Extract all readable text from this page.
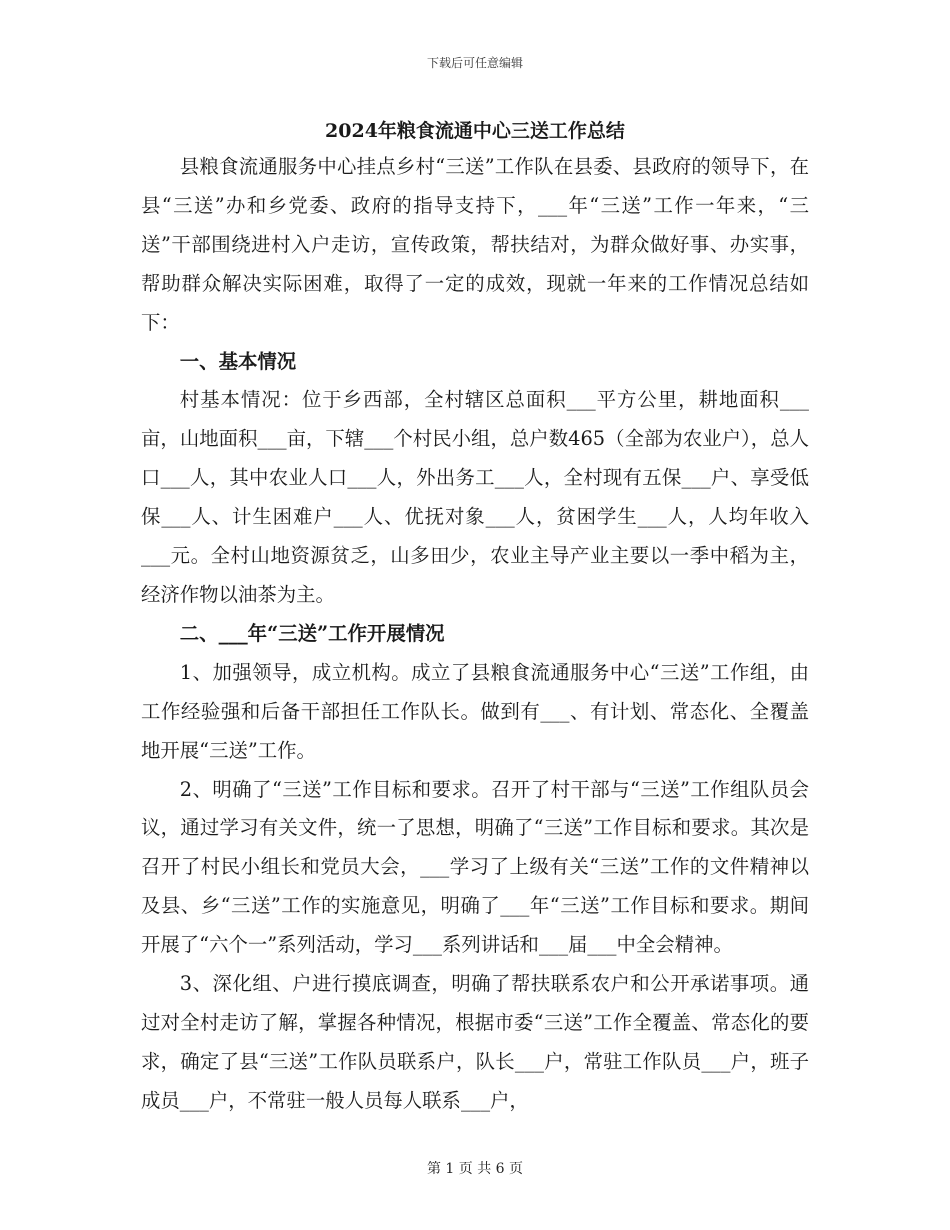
下载后可任意编辑
2024年粮食流通中心三送工作总结

县粮食流通服务中心挂点乡村“三送”工作队在县委、县政府的领导下，在县“三送”办和乡党委、政府的指导支持下，___年“三送”工作一年来，“三送”干部围绕进村入户走访，宣传政策，帮扶结对，为群众做好事、办实事，帮助群众解决实际困难，取得了一定的成效，现就一年来的工作情况总结如下：

一、基本情况

村基本情况：位于乡西部，全村辖区总面积___平方公里，耕地面积___亩，山地面积___亩，下辖___个村民小组，总户数465（全部为农业户），总人口___人，其中农业人口___人，外出务工___人，全村现有五保___户、享受低保___人、计生困难户___人、优抚对象___人，贫困学生___人，人均年收入___元。全村山地资源贫乏，山多田少，农业主导产业主要以一季中稻为主，经济作物以油茶为主。

二、___年“三送”工作开展情况

1、加强领导，成立机构。成立了县粮食流通服务中心“三送”工作组，由工作经验强和后备干部担任工作队长。做到有___、有计划、常态化、全覆盖地开展“三送”工作。

2、明确了“三送”工作目标和要求。召开了村干部与“三送”工作组队员会议，通过学习有关文件，统一了思想，明确了“三送”工作目标和要求。其次是召开了村民小组长和党员大会，___学习了上级有关“三送”工作的文件精神以及县、乡“三送”工作的实施意见，明确了___年“三送”工作目标和要求。期间开展了“六个一”系列活动，学习___系列讲话和___届___中全会精神。

3、深化组、户进行摸底调查，明确了帮扶联系农户和公开承诺事项。通过对全村走访了解，掌握各种情况，根据市委“三送”工作全覆盖、常态化的要求，确定了县“三送”工作队员联系户，队长___户，常驻工作队员___户，班子成员___户，不常驻一般人员每人联系___户，

第 1 页 共 6 页
